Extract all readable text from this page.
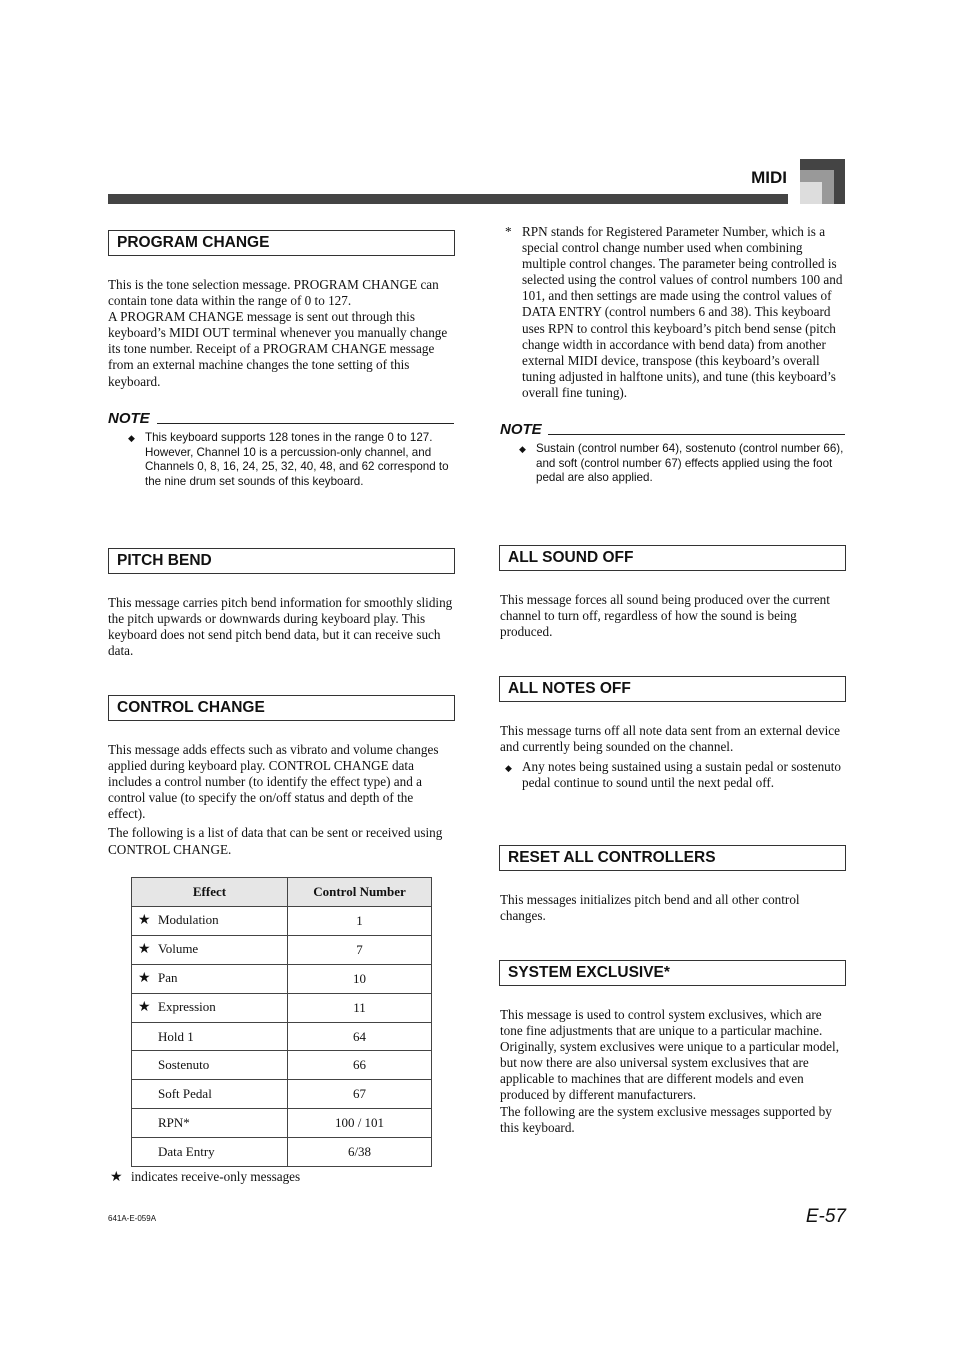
MIDI
PROGRAM CHANGE

This is the tone selection message. PROGRAM CHANGE can contain tone data within the range of 0 to 127.

A PROGRAM CHANGE message is sent out through this keyboard’s MIDI OUT terminal whenever you manually change its tone number. Receipt of a PROGRAM CHANGE message from an external machine changes the tone setting of this keyboard.

NOTE
◆ This keyboard supports 128 tones in the range 0 to 127. However, Channel 10 is a percussion-only channel, and Channels 0, 8, 16, 24, 25, 32, 40, 48, and 62 correspond to the nine drum set sounds of this keyboard.
PITCH BEND

This message carries pitch bend information for smoothly sliding the pitch upwards or downwards during keyboard play. This keyboard does not send pitch bend data, but it can receive such data.

CONTROL CHANGE

This message adds effects such as vibrato and volume changes applied during keyboard play. CONTROL CHANGE data includes a control number (to identify the effect type) and a control value (to specify the on/off status and depth of the effect).

The following is a list of data that can be sent or received using CONTROL CHANGE.

Effect	Control Number
★ Modulation	1
★ Volume	7
★ Pan	10
★ Expression	11
Hold 1	64
Sostenuto	66
Soft Pedal	67
RPN*	100 / 101
Data Entry	6/38
★ indicates receive-only messages
* RPN stands for Registered Parameter Number, which is a special control change number used when combining multiple control changes. The parameter being controlled is selected using the control values of control numbers 100 and 101, and then settings are made using the control values of DATA ENTRY (control numbers 6 and 38). This keyboard uses RPN to control this keyboard’s pitch bend sense (pitch change width in accordance with bend data) from another external MIDI device, transpose (this keyboard’s overall tuning adjusted in halftone units), and tune (this keyboard’s overall fine tuning).
NOTE
◆ Sustain (control number 64), sostenuto (control number 66), and soft (control number 67) effects applied using the foot pedal are also applied.
ALL SOUND OFF

This message forces all sound being produced over the current channel to turn off, regardless of how the sound is being produced.

ALL NOTES OFF

This message turns off all note data sent from an external device and currently being sounded on the channel.

◆ Any notes being sustained using a sustain pedal or sostenuto pedal continue to sound until the next pedal off.
RESET ALL CONTROLLERS

This messages initializes pitch bend and all other control changes.

SYSTEM EXCLUSIVE*

This message is used to control system exclusives, which are tone fine adjustments that are unique to a particular machine. Originally, system exclusives were unique to a particular model, but now there are also universal system exclusives that are applicable to machines that are different models and even produced by different manufacturers.

The following are the system exclusive messages supported by this keyboard.

641A-E-059A	E-57
